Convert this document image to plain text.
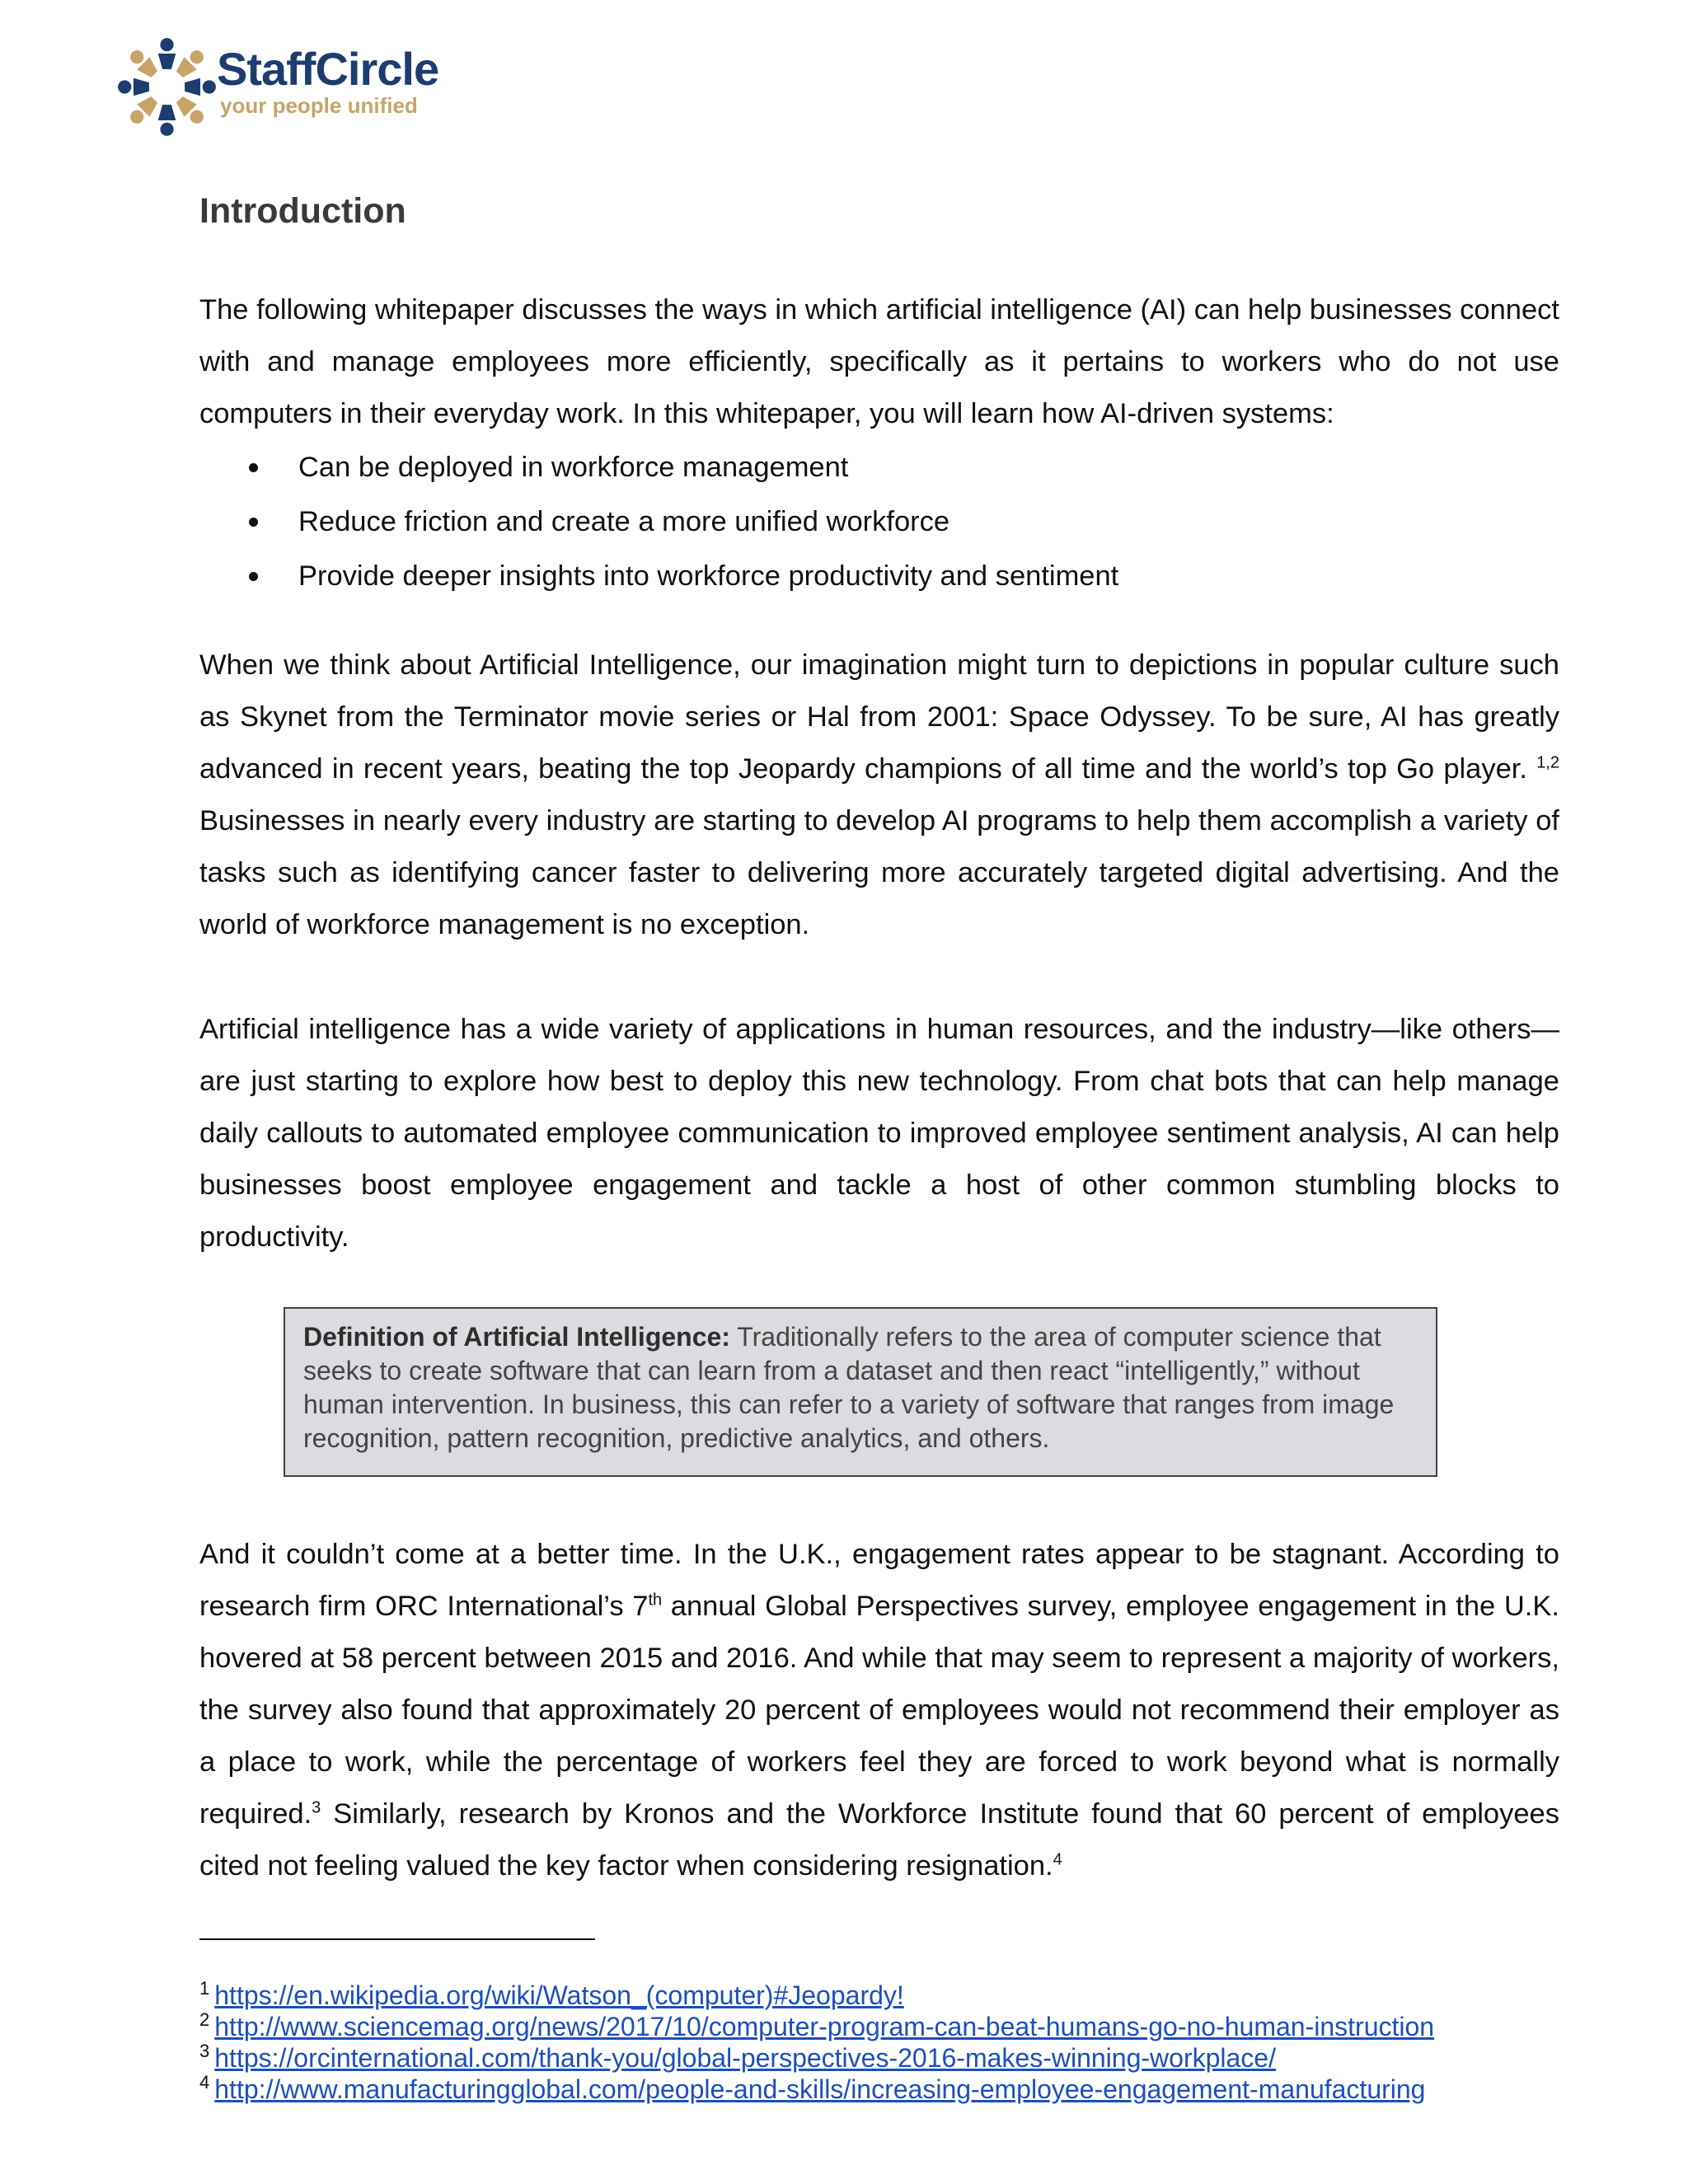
StaffCircle
your people unified
Introduction

The following whitepaper discusses the ways in which artificial intelligence (AI) can help businesses connect with and manage employees more efficiently, specifically as it pertains to workers who do not use computers in their everyday work. In this whitepaper, you will learn how AI-driven systems:

Can be deployed in workforce management
Reduce friction and create a more unified workforce
Provide deeper insights into workforce productivity and sentiment

When we think about Artificial Intelligence, our imagination might turn to depictions in popular culture such as Skynet from the Terminator movie series or Hal from 2001: Space Odyssey. To be sure, AI has greatly advanced in recent years, beating the top Jeopardy champions of all time and the world’s top Go player. $^{1,2}$ Businesses in nearly every industry are starting to develop AI programs to help them accomplish a variety of tasks such as identifying cancer faster to delivering more accurately targeted digital advertising. And the world of workforce management is no exception.

Artificial intelligence has a wide variety of applications in human resources, and the industry—like others—are just starting to explore how best to deploy this new technology. From chat bots that can help manage daily callouts to automated employee communication to improved employee sentiment analysis, AI can help businesses boost employee engagement and tackle a host of other common stumbling blocks to productivity.

Definition of Artificial Intelligence: Traditionally refers to the area of computer science that seeks to create software that can learn from a dataset and then react “intelligently,” without human intervention. In business, this can refer to a variety of software that ranges from image recognition, pattern recognition, predictive analytics, and others.

And it couldn’t come at a better time. In the U.K., engagement rates appear to be stagnant. According to research firm ORC International’s 7th annual Global Perspectives survey, employee engagement in the U.K. hovered at 58 percent between 2015 and 2016. And while that may seem to represent a majority of workers, the survey also found that approximately 20 percent of employees would not recommend their employer as a place to work, while the percentage of workers feel they are forced to work beyond what is normally required.$^3$ Similarly, research by Kronos and the Workforce Institute found that 60 percent of employees cited not feeling valued the key factor when considering resignation.$^4$

$^1$ https://en.wikipedia.org/wiki/Watson_(computer)#Jeopardy!
$^2$ http://www.sciencemag.org/news/2017/10/computer-program-can-beat-humans-go-no-human-instruction
$^3$ https://orcinternational.com/thank-you/global-perspectives-2016-makes-winning-workplace/
$^4$ http://www.manufacturingglobal.com/people-and-skills/increasing-employee-engagement-manufacturing
